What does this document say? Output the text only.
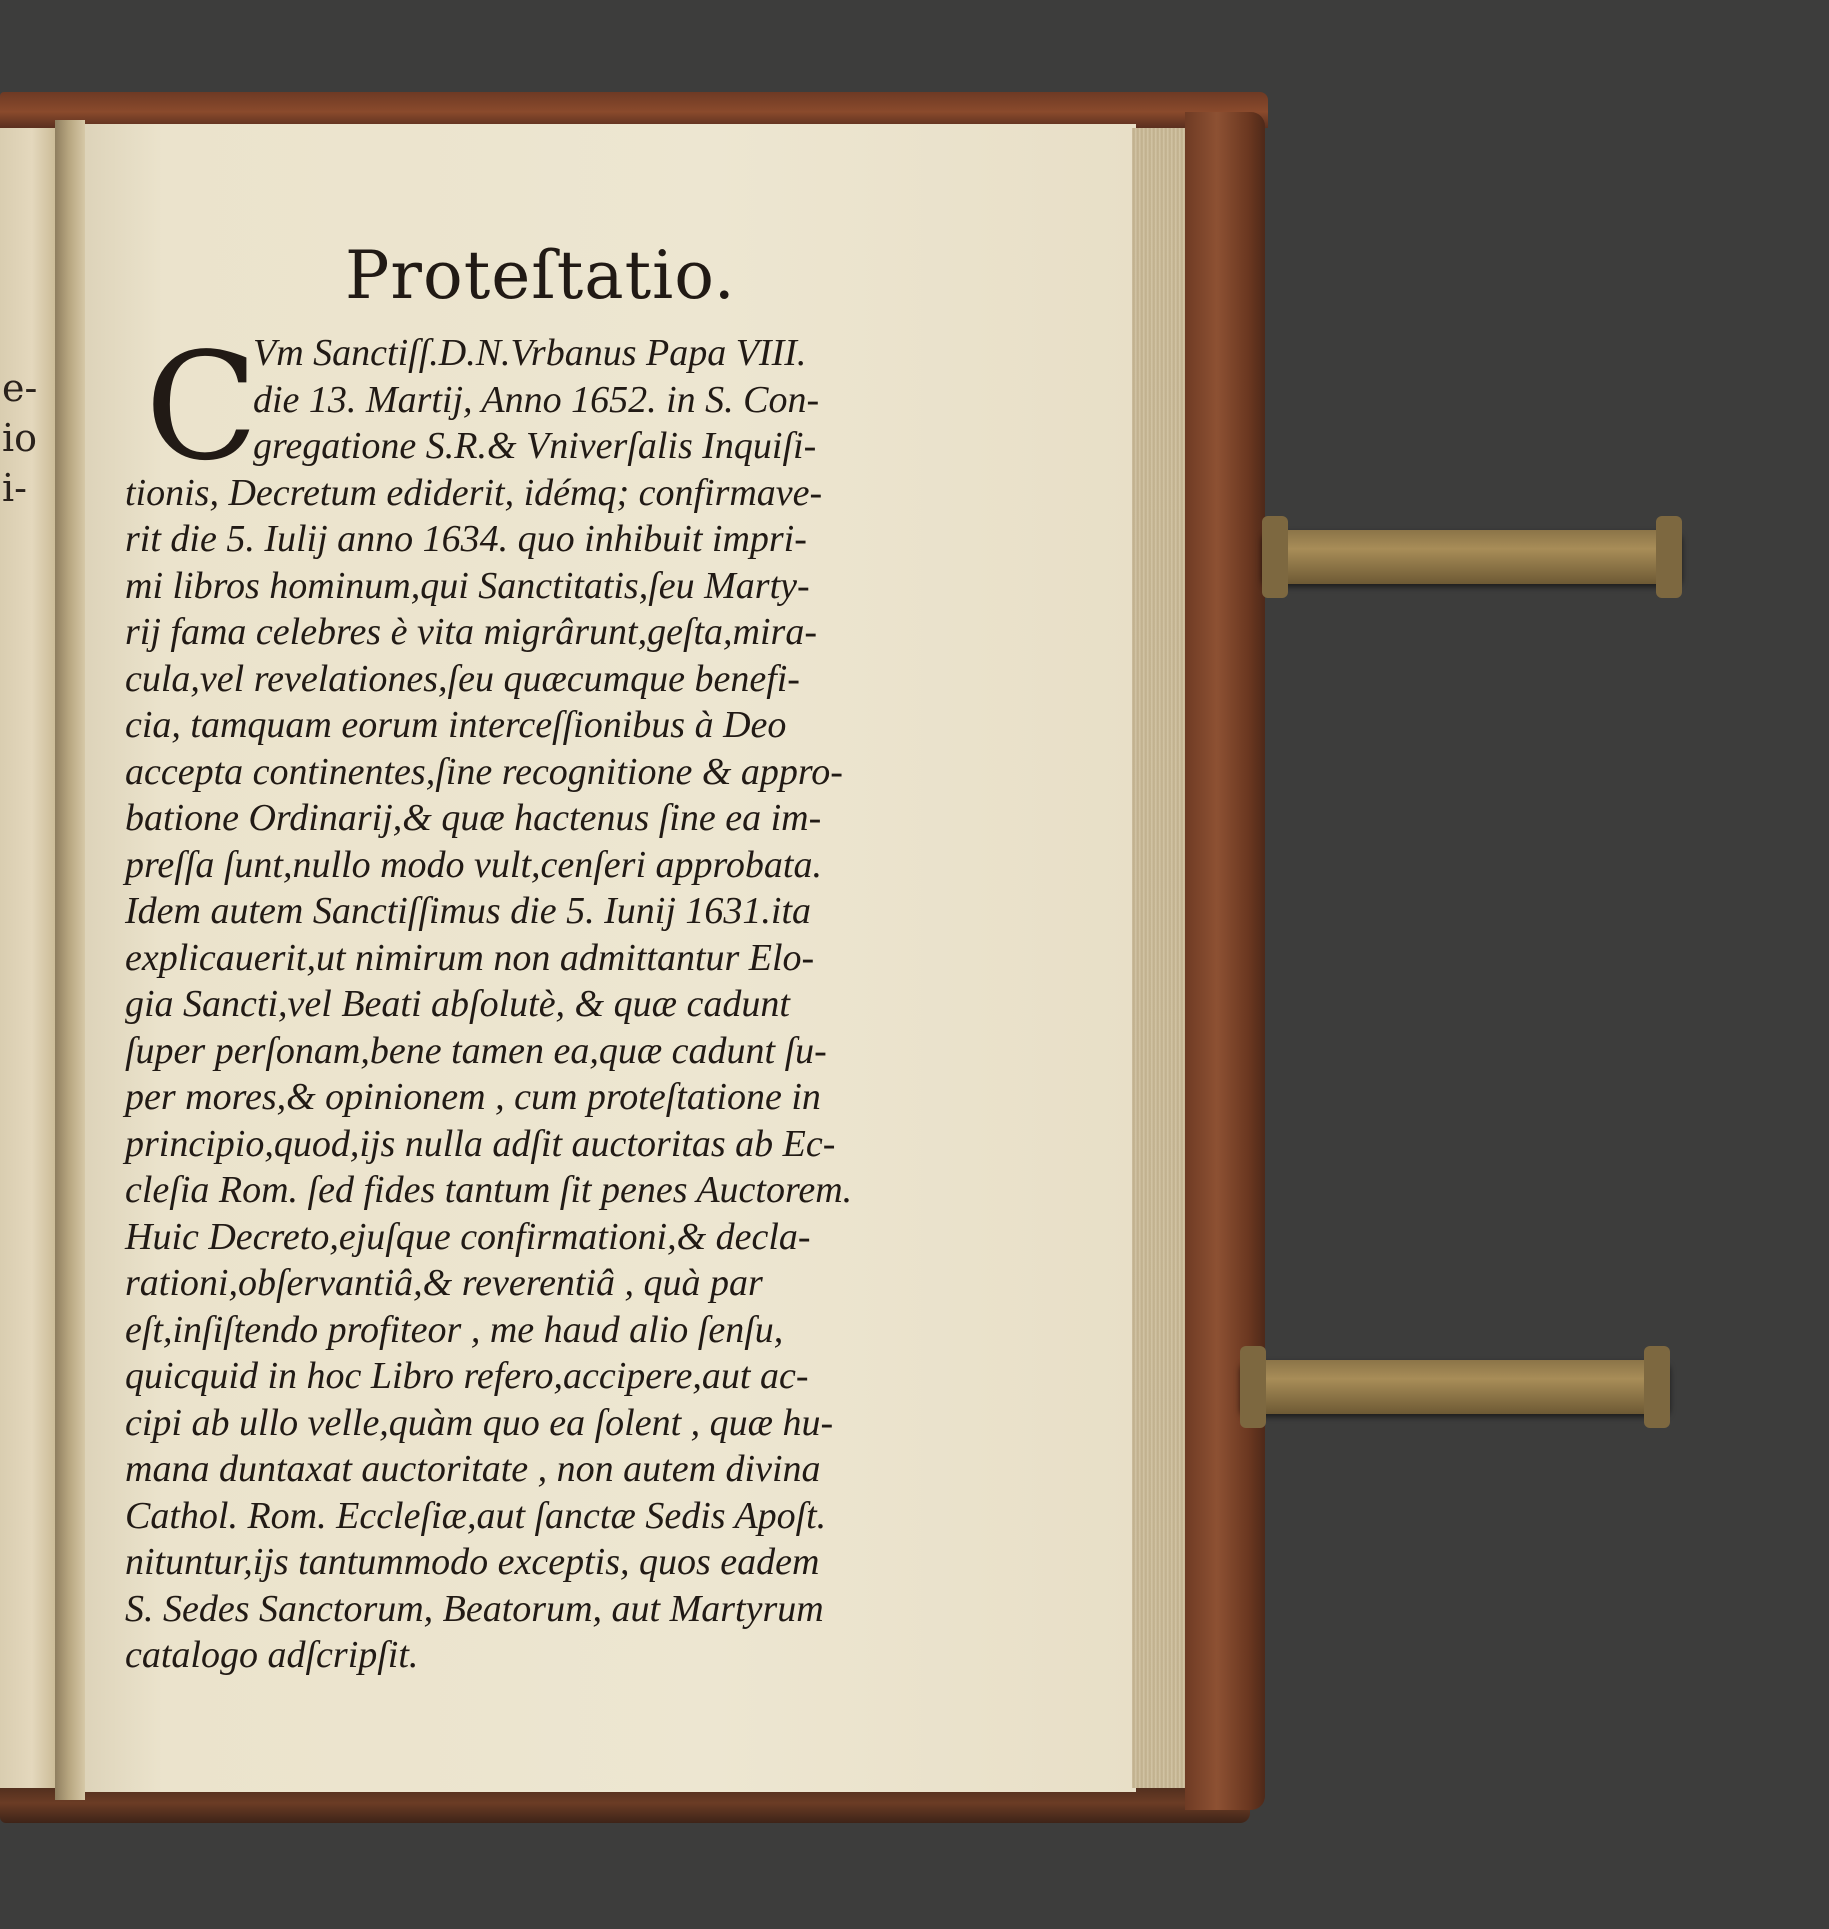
e-
io
i-
Proteſtatio.
C
Vm Sanctiſſ.D.N.Vrbanus Papa VIII.
die 13. Martij, Anno 1652. in S. Con-
gregatione S.R.& Vniverſalis Inquiſi-
tionis, Decretum ediderit, idémq; confirmave-
rit die 5. Iulij anno 1634. quo inhibuit impri-
mi libros hominum,qui Sanctitatis,ſeu Marty-
rij fama celebres è vita migrârunt,geſta,mira-
cula,vel revelationes,ſeu quæcumque benefi-
cia, tamquam eorum interceſſionibus à Deo
accepta continentes,ſine recognitione & appro-
batione Ordinarij,& quæ hactenus ſine ea im-
preſſa ſunt,nullo modo vult,cenſeri approbata.
Idem autem Sanctiſſimus die 5. Iunij 1631.ita
explicauerit,ut nimirum non admittantur Elo-
gia Sancti,vel Beati abſolutè, & quæ cadunt
ſuper perſonam,bene tamen ea,quæ cadunt ſu-
per mores,& opinionem , cum proteſtatione in
principio,quod,ijs nulla adſit auctoritas ab Ec-
cleſia Rom. ſed fides tantum ſit penes Auctorem.
Huic Decreto,ejuſque confirmationi,& decla-
rationi,obſervantiâ,& reverentiâ , quà par
eſt,inſiſtendo profiteor , me haud alio ſenſu,
quicquid in hoc Libro refero,accipere,aut ac-
cipi ab ullo velle,quàm quo ea ſolent , quæ hu-
mana duntaxat auctoritate , non autem divina
Cathol. Rom. Eccleſiæ,aut ſanctæ Sedis Apoſt.
nituntur,ijs tantummodo exceptis, quos eadem
S. Sedes Sanctorum, Beatorum, aut Martyrum
catalogo adſcripſit.
